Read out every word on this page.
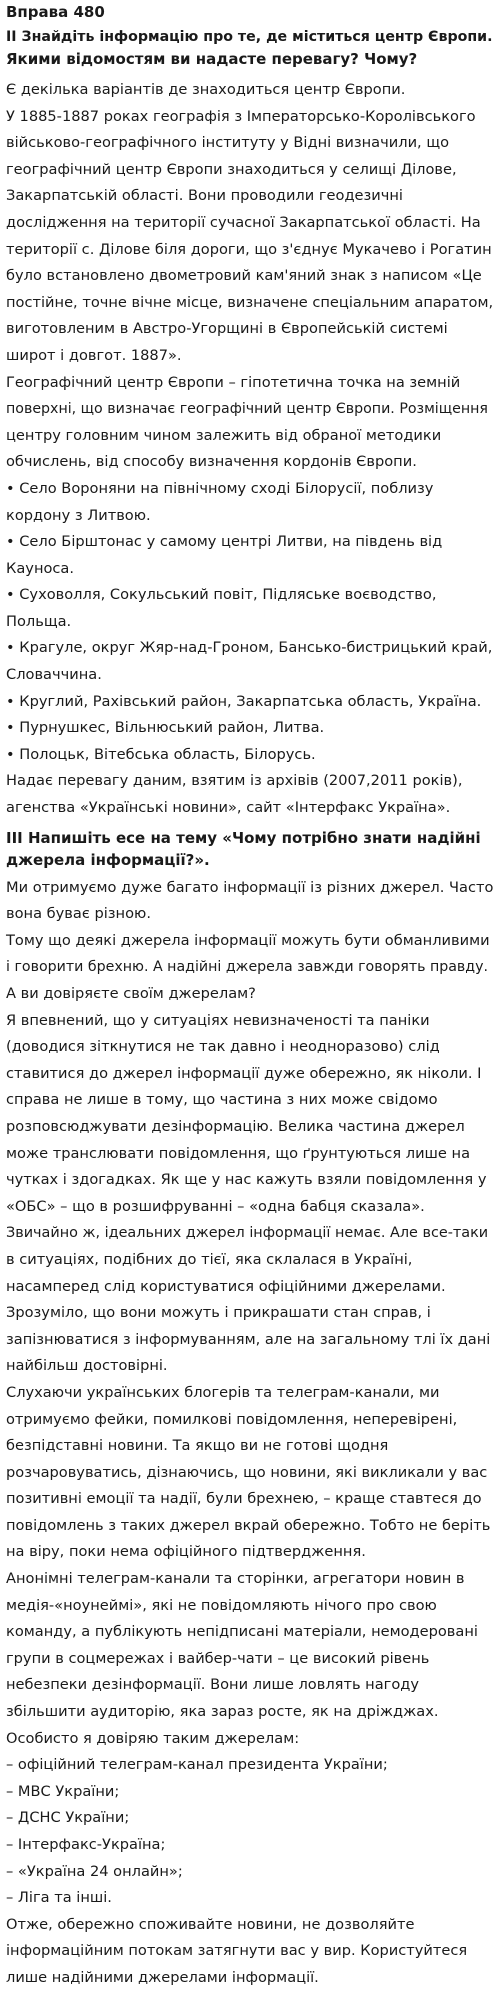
Вправа 480
II Знайдіть інформацію про те, де міститься центр Європи.
Якими відомостям ви надасте перевагу? Чому?
Є декілька варіантів де знаходиться центр Європи.
У 1885-1887 роках географія з Імператорсько-Королівського
військово-географічного інституту у Відні визначили, що
географічний центр Європи знаходиться у селищі Ділове,
Закарпатській області. Вони проводили геодезичні
дослідження на території сучасної Закарпатської області. На
території с. Ділове біля дороги, що з'єднує Мукачево і Рогатин
було встановлено двометровий кам'яний знак з написом «Це
постійне, точне вічне місце, визначене спеціальним апаратом,
виготовленим в Австро-Угорщині в Європейській системі
широт і довгот. 1887».
Географічний центр Європи – гіпотетична точка на земній
поверхні, що визначає географічний центр Європи. Розміщення
центру головним чином залежить від обраної методики
обчислень, від способу визначення кордонів Європи.
• Село Вороняни на північному сході Білорусії, поблизу
кордону з Литвою.
• Село Бірштонас у самому центрі Литви, на південь від
Кауноса.
• Суховолля, Сокульський повіт, Підляське воєводство,
Польща.
• Крагуле, округ Жяр-над-Гроном, Бансько-бистрицький край,
Словаччина.
• Круглий, Рахівський район, Закарпатська область, Україна.
• Пурнушкес, Вільнюський район, Литва.
• Полоцьк, Вітебська область, Білорусь.
Надає перевагу даним, взятим із архівів (2007,2011 років),
агенства «Українські новини», сайт «Інтерфакс Україна».
III Напишіть есе на тему «Чому потрібно знати надійні
джерела інформації?».
Ми отримуємо дуже багато інформації із різних джерел. Часто
вона буває різною.
Тому що деякі джерела інформації можуть бути обманливими
і говорити брехню. А надійні джерела завжди говорять правду.
А ви довіряєте своїм джерелам?
Я впевнений, що у ситуаціях невизначеності та паніки
(доводися зіткнутися не так давно і неодноразово) слід
ставитися до джерел інформації дуже обережно, як ніколи. І
справа не лише в тому, що частина з них може свідомо
розповсюджувати дезінформацію. Велика частина джерел
може транслювати повідомлення, що ґрунтуються лише на
чутках і здогадках. Як ще у нас кажуть взяли повідомлення у
«ОБС» – що в розшифруванні – «одна бабця сказала».
Звичайно ж, ідеальних джерел інформації немає. Але все-таки
в ситуаціях, подібних до тієї, яка склалася в Україні,
насамперед слід користуватися офіційними джерелами.
Зрозуміло, що вони можуть і прикрашати стан справ, і
запізнюватися з інформуванням, але на загальному тлі їх дані
найбільш достовірні.
Слухаючи українських блогерів та телеграм-канали, ми
отримуємо фейки, помилкові повідомлення, неперевірені,
безпідставні новини. Та якщо ви не готові щодня
розчаровуватись, дізнаючись, що новини, які викликали у вас
позитивні емоції та надії, були брехнею, – краще ставтеся до
повідомлень з таких джерел вкрай обережно. Тобто не беріть
на віру, поки нема офіційного підтвердження.
Анонімні телеграм-канали та сторінки, агрегатори новин в
медія-«ноунеймі», які не повідомляють нічого про свою
команду, а публікують непідписані матеріали, немодеровані
групи в соцмережах і вайбер-чати – це високий рівень
небезпеки дезінформації. Вони лише ловлять нагоду
збільшити аудиторію, яка зараз росте, як на дріжджах.
Особисто я довіряю таким джерелам:
– офіційний телеграм-канал президента України;
– МВС України;
– ДСНС України;
– Інтерфакс-Україна;
– «Україна 24 онлайн»;
– Ліга та інші.
Отже, обережно споживайте новини, не дозволяйте
інформаційним потокам затягнути вас у вир. Користуйтеся
лише надійними джерелами інформації.
